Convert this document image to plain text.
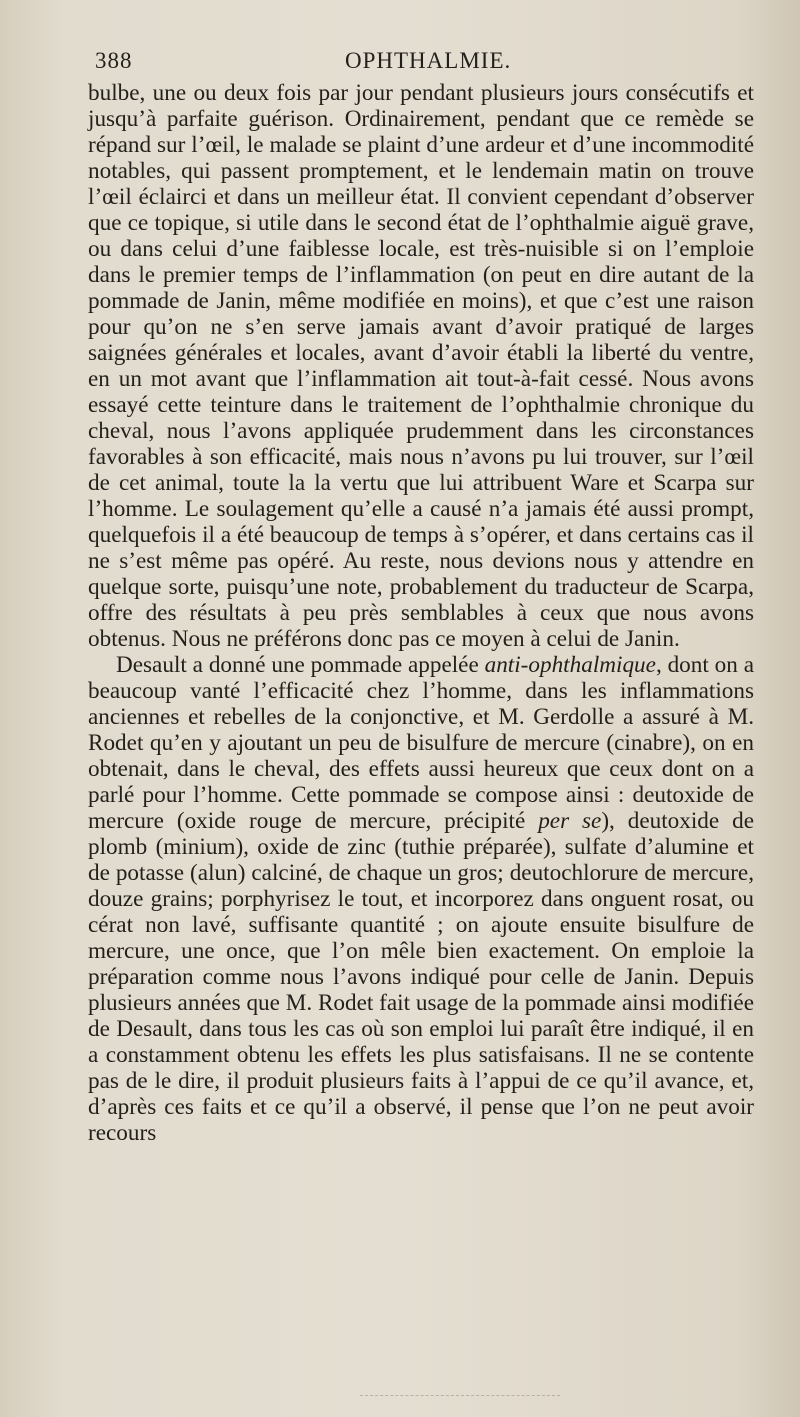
388	OPHTHALMIE.

bulbe, une ou deux fois par jour pendant plusieurs jours consécutifs et jusqu’à parfaite guérison. Ordinairement, pendant que ce remède se répand sur l’œil, le malade se plaint d’une ardeur et d’une incommodité notables, qui passent promptement, et le lendemain matin on trouve l’œil éclairci et dans un meilleur état. Il convient cependant d’observer que ce topique, si utile dans le second état de l’ophthalmie aiguë grave, ou dans celui d’une faiblesse locale, est très-nuisible si on l’emploie dans le premier temps de l’inflammation (on peut en dire autant de la pommade de Janin, même modifiée en moins), et que c’est une raison pour qu’on ne s’en serve jamais avant d’avoir pratiqué de larges saignées générales et locales, avant d’avoir établi la liberté du ventre, en un mot avant que l’inflammation ait tout-à-fait cessé. Nous avons essayé cette teinture dans le traitement de l’ophthalmie chronique du cheval, nous l’avons appliquée prudemment dans les circonstances favorables à son efficacité, mais nous n’avons pu lui trouver, sur l’œil de cet animal, toute la la vertu que lui attribuent Ware et Scarpa sur l’homme. Le soulagement qu’elle a causé n’a jamais été aussi prompt, quelquefois il a été beaucoup de temps à s’opérer, et dans certains cas il ne s’est même pas opéré. Au reste, nous devions nous y attendre en quelque sorte, puisqu’une note, probablement du traducteur de Scarpa, offre des résultats à peu près semblables à ceux que nous avons obtenus. Nous ne préférons donc pas ce moyen à celui de Janin.

Desault a donné une pommade appelée anti-ophthalmique, dont on a beaucoup vanté l’efficacité chez l’homme, dans les inflammations anciennes et rebelles de la conjonctive, et M. Gerdolle a assuré à M. Rodet qu’en y ajoutant un peu de bisulfure de mercure (cinabre), on en obtenait, dans le cheval, des effets aussi heureux que ceux dont on a parlé pour l’homme. Cette pommade se compose ainsi : deutoxide de mercure (oxide rouge de mercure, précipité per se), deutoxide de plomb (minium), oxide de zinc (tuthie préparée), sulfate d’alumine et de potasse (alun) calciné, de chaque un gros; deutochlorure de mercure, douze grains; porphyrisez le tout, et incorporez dans onguent rosat, ou cérat non lavé, suffisante quantité ; on ajoute ensuite bisulfure de mercure, une once, que l’on mêle bien exactement. On emploie la préparation comme nous l’avons indiqué pour celle de Janin. Depuis plusieurs années que M. Rodet fait usage de la pommade ainsi modifiée de Desault, dans tous les cas où son emploi lui paraît être indiqué, il en a constamment obtenu les effets les plus satisfaisans. Il ne se contente pas de le dire, il produit plusieurs faits à l’appui de ce qu’il avance, et, d’après ces faits et ce qu’il a observé, il pense que l’on ne peut avoir recours
